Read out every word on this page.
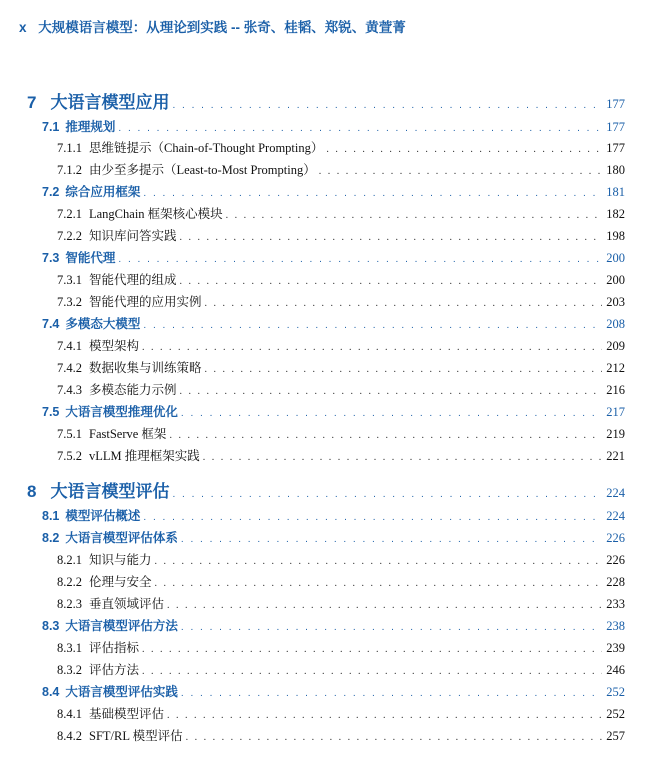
x 大规模语言模型：从理论到实践 -- 张奇、桂韬、郑锐、黄萱菁
7 大语言模型应用 . . .	177
7.1 推理规划 . . .	177
7.1.1 思维链提示（Chain-of-Thought Prompting） . . .	177
7.1.2 由少至多提示（Least-to-Most Prompting） . . .	180
7.2 综合应用框架 . . .	181
7.2.1 LangChain 框架核心模块 . . .	182
7.2.2 知识库问答实践 . . .	198
7.3 智能代理 . . .	200
7.3.1 智能代理的组成 . . .	200
7.3.2 智能代理的应用实例 . . .	203
7.4 多模态大模型 . . .	208
7.4.1 模型架构 . . .	209
7.4.2 数据收集与训练策略 . . .	212
7.4.3 多模态能力示例 . . .	216
7.5 大语言模型推理优化 . . .	217
7.5.1 FastServe 框架 . . .	219
7.5.2 vLLM 推理框架实践 . . .	221
8 大语言模型评估 . . .	224
8.1 模型评估概述 . . .	224
8.2 大语言模型评估体系 . . .	226
8.2.1 知识与能力 . . .	226
8.2.2 伦理与安全 . . .	228
8.2.3 垂直领域评估 . . .	233
8.3 大语言模型评估方法 . . .	238
8.3.1 评估指标 . . .	239
8.3.2 评估方法 . . .	246
8.4 大语言模型评估实践 . . .	252
8.4.1 基础模型评估 . . .	252
8.4.2 SFT/RL 模型评估 . . .	257
